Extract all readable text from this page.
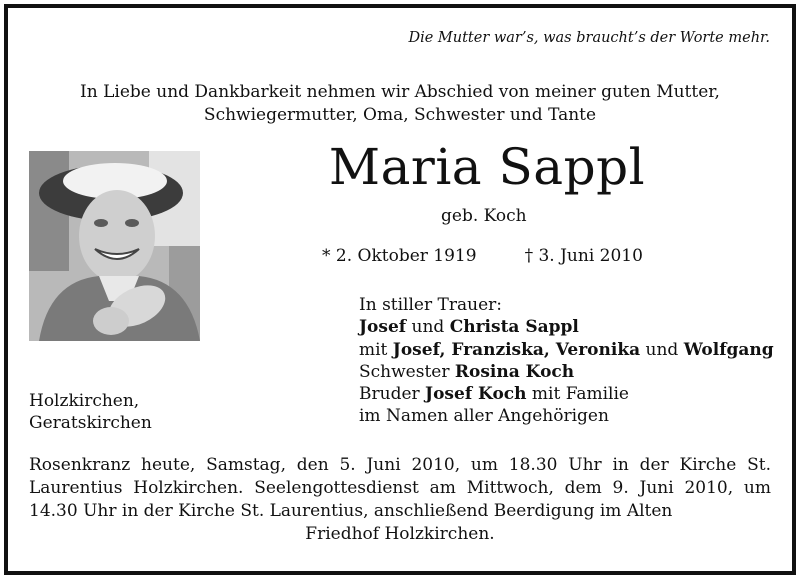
Die Mutter war’s, was braucht’s der Worte mehr.
In Liebe und Dankbarkeit nehmen wir Abschied von meiner guten Mutter,
Schwiegermutter, Oma, Schwester und Tante
Maria Sappl
geb. Koch
* 2. Oktober 1919	† 3. Juni 2010
In stiller Trauer:
Josef und Christa Sappl
mit Josef, Franziska, Veronika und Wolfgang
Schwester Rosina Koch
Bruder Josef Koch mit Familie
im Namen aller Angehörigen
Holzkirchen,
Geratskirchen
Rosenkranz heute, Samstag, den 5. Juni 2010, um 18.30 Uhr in der Kirche St. Laurentius Holzkirchen. Seelengottesdienst am Mittwoch, dem 9. Juni 2010, um 14.30 Uhr in der Kirche St. Laurentius, anschließend Beerdigung im Alten
Friedhof Holzkirchen.
